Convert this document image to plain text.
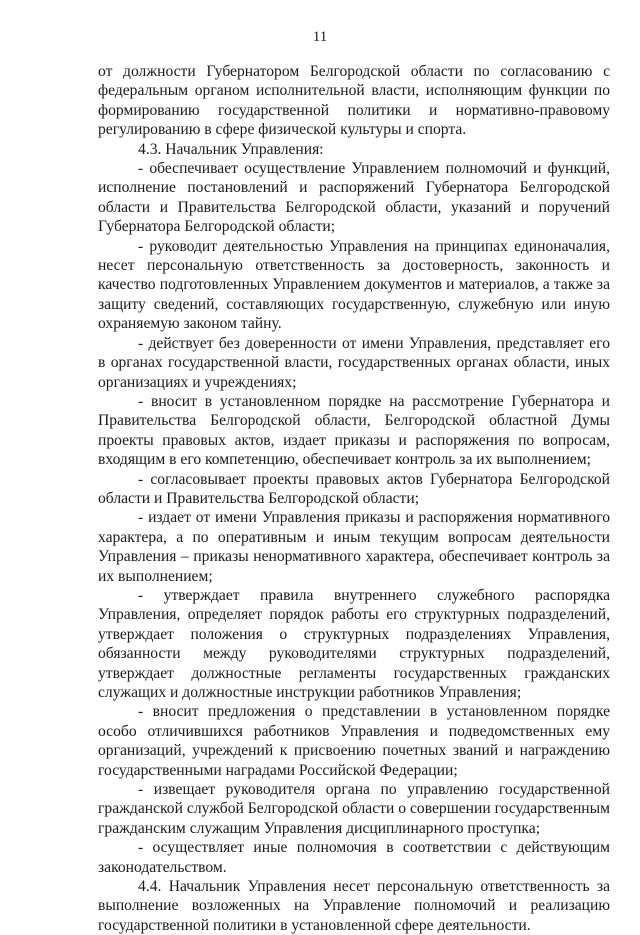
11

от должности Губернатором Белгородской области по согласованию с федеральным органом исполнительной власти, исполняющим функции по формированию государственной политики и нормативно-правовому регулированию в сфере физической культуры и спорта.

4.3. Начальник Управления:

- обеспечивает осуществление Управлением полномочий и функций, исполнение постановлений и распоряжений Губернатора Белгородской области и Правительства Белгородской области, указаний и поручений Губернатора Белгородской области;

- руководит деятельностью Управления на принципах единоначалия, несет персональную ответственность за достоверность, законность и качество подготовленных Управлением документов и материалов, а также за защиту сведений, составляющих государственную, служебную или иную охраняемую законом тайну.

- действует без доверенности от имени Управления, представляет его в органах государственной власти, государственных органах области, иных организациях и учреждениях;

- вносит в установленном порядке на рассмотрение Губернатора и Правительства Белгородской области, Белгородской областной Думы проекты правовых актов, издает приказы и распоряжения по вопросам, входящим в его компетенцию, обеспечивает контроль за их выполнением;

- согласовывает проекты правовых актов Губернатора Белгородской области и Правительства Белгородской области;

- издает от имени Управления приказы и распоряжения нормативного характера, а по оперативным и иным текущим вопросам деятельности Управления – приказы ненормативного характера, обеспечивает контроль за их выполнением;

- утверждает правила внутреннего служебного распорядка Управления, определяет порядок работы его структурных подразделений, утверждает положения о структурных подразделениях Управления, обязанности между руководителями структурных подразделений, утверждает должностные регламенты государственных гражданских служащих и должностные инструкции работников Управления;

- вносит предложения о представлении в установленном порядке особо отличившихся работников Управления и подведомственных ему организаций, учреждений к присвоению почетных званий и награждению государственными наградами Российской Федерации;

- извещает руководителя органа по управлению государственной гражданской службой Белгородской области о совершении государственным гражданским служащим Управления дисциплинарного проступка;

- осуществляет иные полномочия в соответствии с действующим законодательством.

4.4. Начальник Управления несет персональную ответственность за выполнение возложенных на Управление полномочий и реализацию государственной политики в установленной сфере деятельности.
